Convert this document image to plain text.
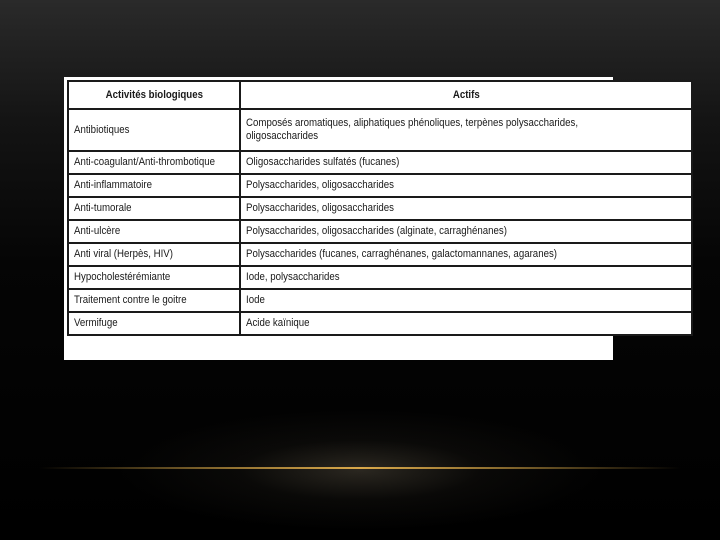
Activités biologiques	Actifs
Antibiotiques	Composés aromatiques, aliphatiques phénoliques, terpènes polysaccharides, oligosaccharides
Anti-coagulant/Anti-thrombotique	Oligosaccharides sulfatés (fucanes)
Anti-inflammatoire	Polysaccharides, oligosaccharides
Anti-tumorale	Polysaccharides, oligosaccharides
Anti-ulcère	Polysaccharides, oligosaccharides (alginate, carraghénanes)
Anti viral (Herpès, HIV)	Polysaccharides (fucanes, carraghénanes, galactomannanes, agaranes)
Hypocholestérémiante	Iode, polysaccharides
Traitement contre le goitre	Iode
Vermifuge	Acide kaïnique
